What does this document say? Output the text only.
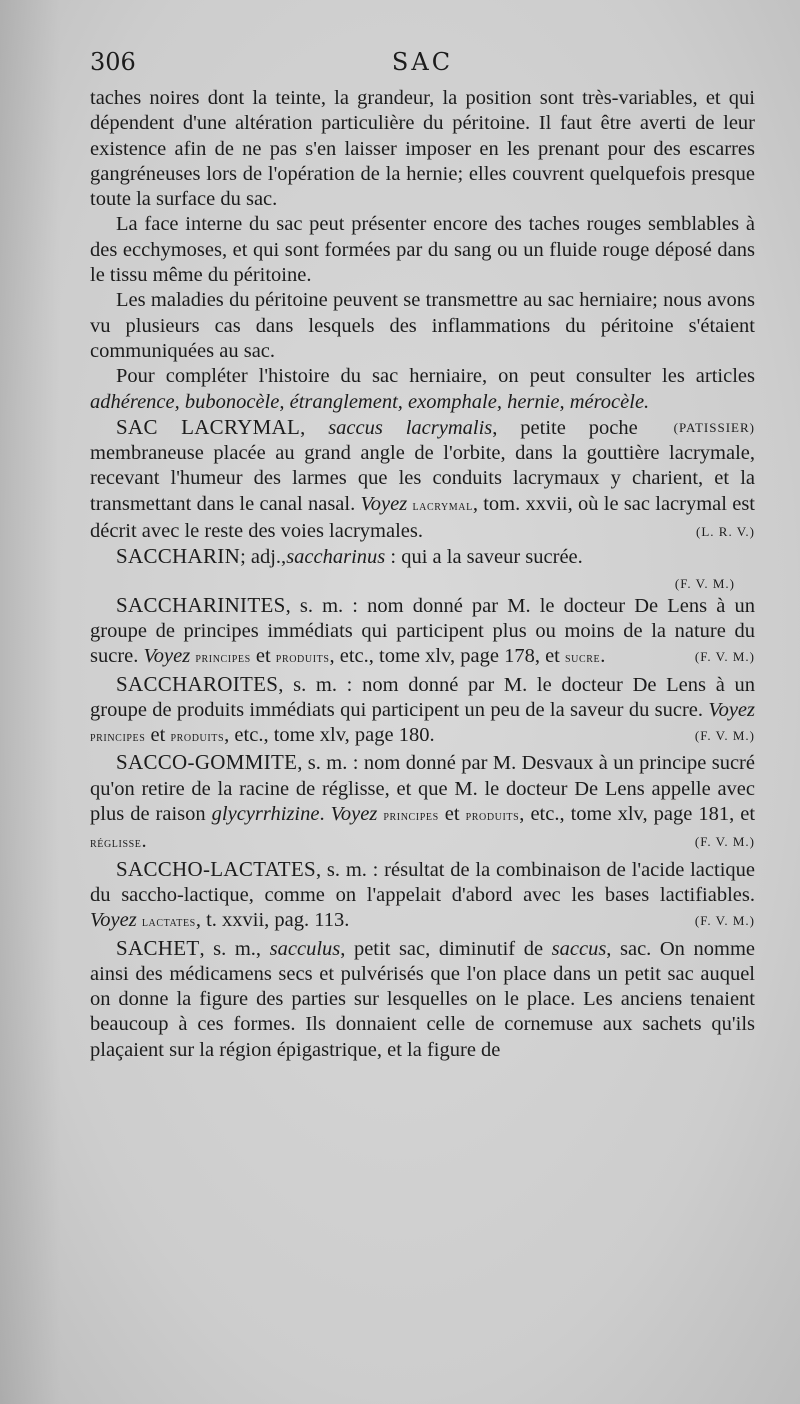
306	SAC

taches noires dont la teinte, la grandeur, la position sont très-variables, et qui dépendent d'une altération particulière du péritoine. Il faut être averti de leur existence afin de ne pas s'en laisser imposer en les prenant pour des escarres gangréneuses lors de l'opération de la hernie; elles couvrent quelquefois presque toute la surface du sac.

La face interne du sac peut présenter encore des taches rouges semblables à des ecchymoses, et qui sont formées par du sang ou un fluide rouge déposé dans le tissu même du péritoine.

Les maladies du péritoine peuvent se transmettre au sac herniaire; nous avons vu plusieurs cas dans lesquels des inflammations du péritoine s'étaient communiquées au sac.

Pour compléter l'histoire du sac herniaire, on peut consulter les articles adhérence, bubonocèle, étranglement, exomphale, hernie, mérocèle.
(PATISSIER)

SAC LACRYMAL, saccus lacrymalis, petite poche membraneuse placée au grand angle de l'orbite, dans la gouttière lacrymale, recevant l'humeur des larmes que les conduits lacrymaux y charient, et la transmettant dans le canal nasal. Voyez lacrymal, tom. xxvii, où le sac lacrymal est décrit avec le reste des voies lacrymales.	(L. R. V.)

SACCHARIN; adj.,saccharinus : qui a la saveur sucrée.

(F. V. M.)

SACCHARINITES, s. m. : nom donné par M. le docteur De Lens à un groupe de principes immédiats qui participent plus ou moins de la nature du sucre. Voyez principes et produits, etc., tome xlv, page 178, et sucre.	(F. V. M.)

SACCHAROITES, s. m. : nom donné par M. le docteur De Lens à un groupe de produits immédiats qui participent un peu de la saveur du sucre. Voyez principes et produits, etc., tome xlv, page 180.	(F. V. M.)

SACCO-GOMMITE, s. m. : nom donné par M. Desvaux à un principe sucré qu'on retire de la racine de réglisse, et que M. le docteur De Lens appelle avec plus de raison glycyrrhizine. Voyez principes et produits, etc., tome xlv, page 181, et réglisse.	(F. V. M.)

SACCHO-LACTATES, s. m. : résultat de la combinaison de l'acide lactique du saccho-lactique, comme on l'appelait d'abord avec les bases lactifiables. Voyez lactates, t. xxvii, pag. 113.	(F. V. M.)

SACHET, s. m., sacculus, petit sac, diminutif de saccus, sac. On nomme ainsi des médicamens secs et pulvérisés que l'on place dans un petit sac auquel on donne la figure des parties sur lesquelles on le place. Les anciens tenaient beaucoup à ces formes. Ils donnaient celle de cornemuse aux sachets qu'ils plaçaient sur la région épigastrique, et la figure de
